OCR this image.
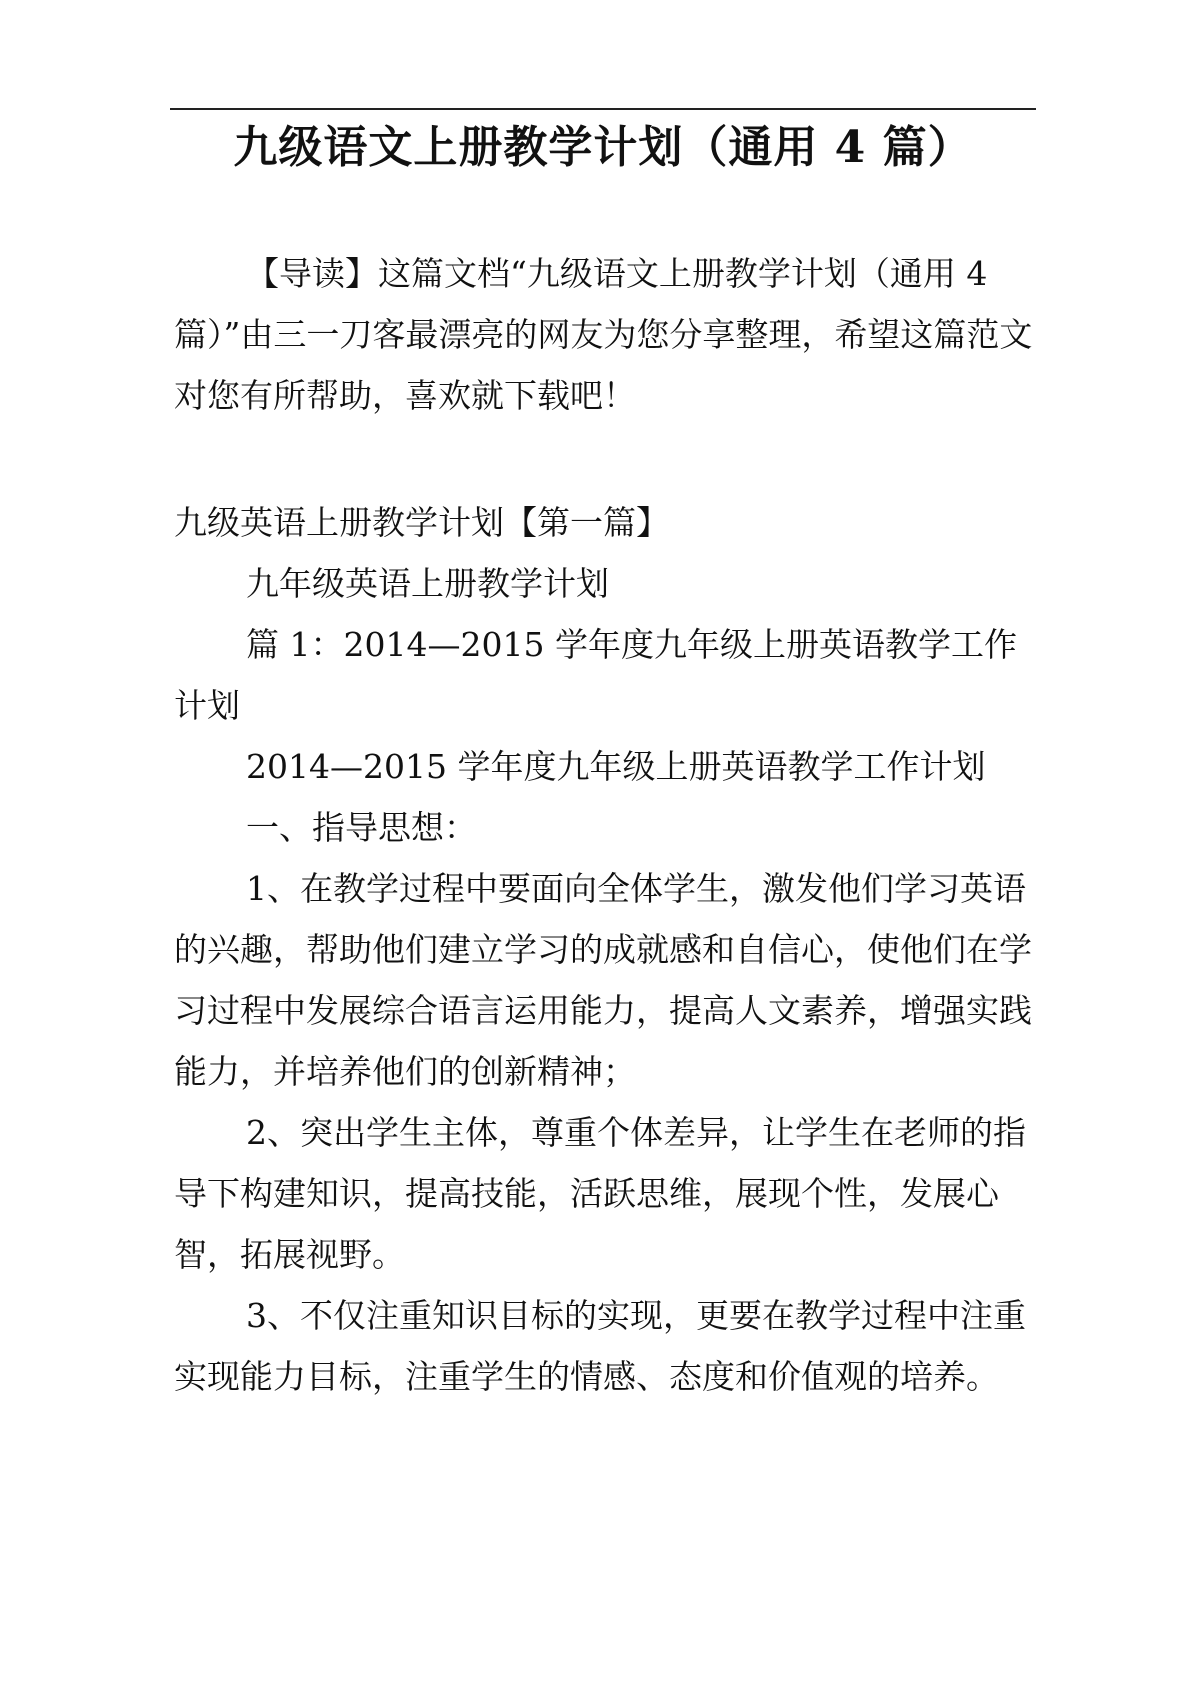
九级语文上册教学计划（通用 4 篇）

【导读】这篇文档“九级语文上册教学计划（通用 4 篇）”由三一刀客最漂亮的网友为您分享整理，希望这篇范文对您有所帮助，喜欢就下载吧！

九级英语上册教学计划【第一篇】

九年级英语上册教学计划

篇 1：2014—2015 学年度九年级上册英语教学工作计划

2014—2015 学年度九年级上册英语教学工作计划

一、指导思想：

1、在教学过程中要面向全体学生，激发他们学习英语的兴趣，帮助他们建立学习的成就感和自信心，使他们在学习过程中发展综合语言运用能力，提高人文素养，增强实践能力，并培养他们的创新精神；

2、突出学生主体，尊重个体差异，让学生在老师的指导下构建知识，提高技能，活跃思维，展现个性，发展心智，拓展视野。

3、不仅注重知识目标的实现，更要在教学过程中注重实现能力目标，注重学生的情感、态度和价值观的培养。
